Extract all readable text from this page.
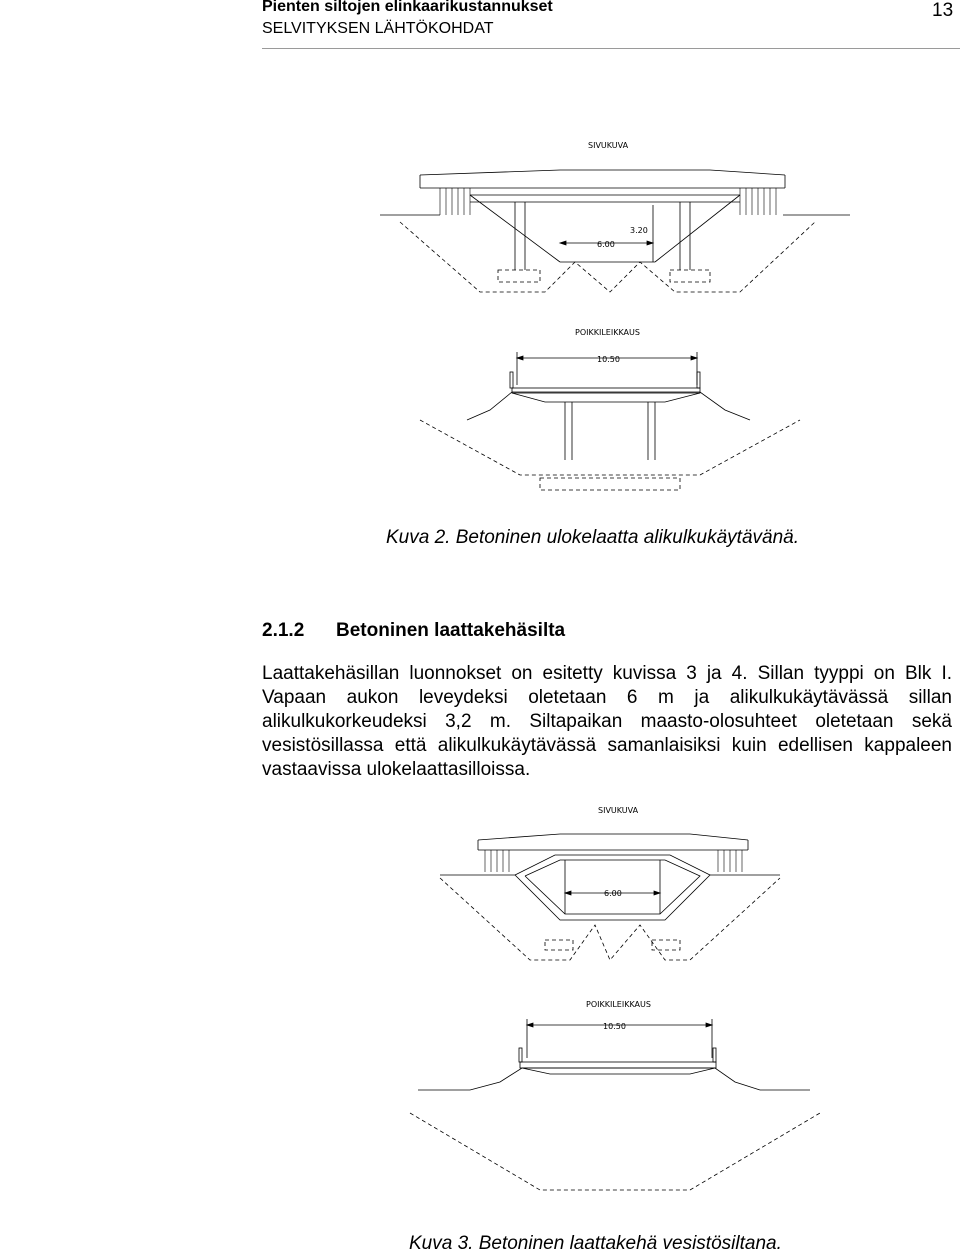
Pienten siltojen elinkaarikustannukset
SELVITYKSEN LÄHTÖKOHDAT
13
SIVUKUVA
6.00
3.20
POIKKILEIKKAUS
10.50
Kuva 2. Betoninen ulokelaatta alikulkukäytävänä.
2.1.2 Betoninen laattakehäsilta

Laattakehäsillan luonnokset on esitetty kuvissa 3 ja 4. Sillan tyyppi on Blk I. Vapaan aukon leveydeksi oletetaan 6 m ja alikulkukäytävässä sillan alikulkukorkeudeksi 3,2 m. Siltapaikan maasto-olosuhteet oletetaan sekä vesistösillassa että alikulkukäytävässä samanlaisiksi kuin edellisen kappaleen vastaavissa ulokelaattasilloissa.

SIVUKUVA
6.00
POIKKILEIKKAUS
10.50
Kuva 3. Betoninen laattakehä vesistösiltana.
